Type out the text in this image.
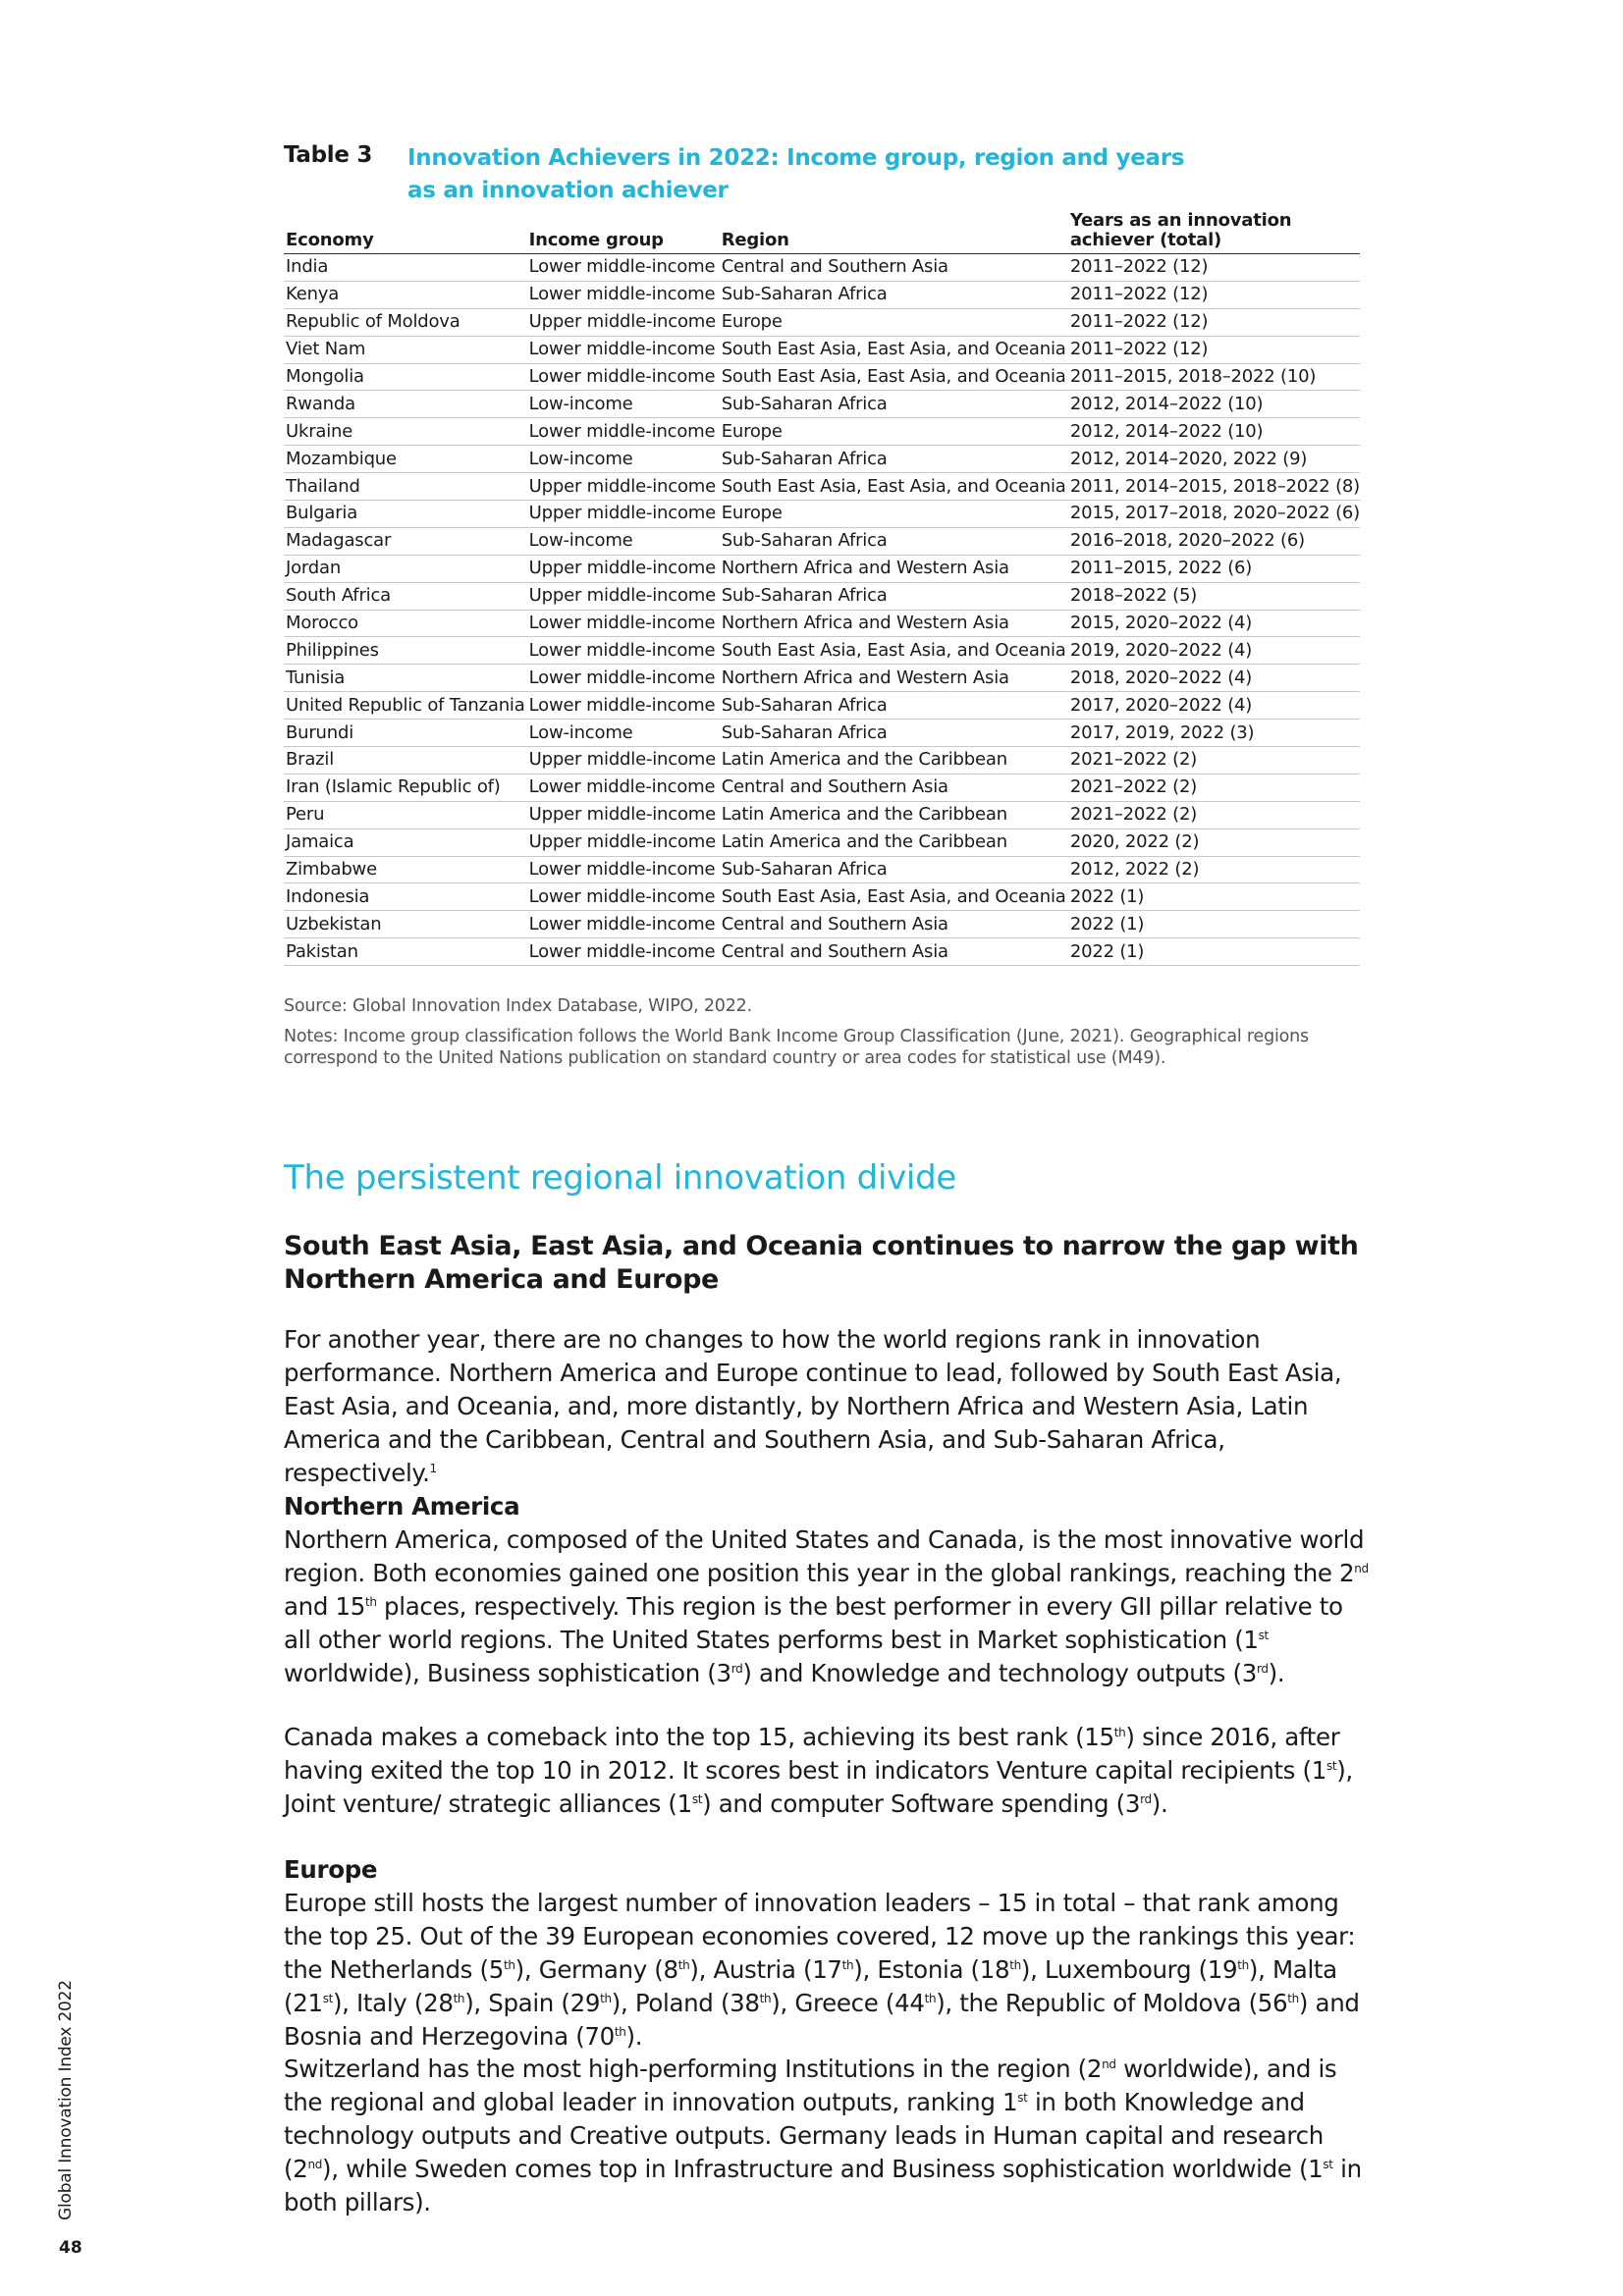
Table 3 Innovation Achievers in 2022: Income group, region and years as an innovation achiever
Economy	Income group	Region	Years as an innovation achiever (total)
India	Lower middle-income	Central and Southern Asia	2011–2022 (12)
Kenya	Lower middle-income	Sub-Saharan Africa	2011–2022 (12)
Republic of Moldova	Upper middle-income	Europe	2011–2022 (12)
Viet Nam	Lower middle-income	South East Asia, East Asia, and Oceania	2011–2022 (12)
Mongolia	Lower middle-income	South East Asia, East Asia, and Oceania	2011–2015, 2018–2022 (10)
Rwanda	Low-income	Sub-Saharan Africa	2012, 2014–2022 (10)
Ukraine	Lower middle-income	Europe	2012, 2014–2022 (10)
Mozambique	Low-income	Sub-Saharan Africa	2012, 2014–2020, 2022 (9)
Thailand	Upper middle-income	South East Asia, East Asia, and Oceania	2011, 2014–2015, 2018–2022 (8)
Bulgaria	Upper middle-income	Europe	2015, 2017–2018, 2020–2022 (6)
Madagascar	Low-income	Sub-Saharan Africa	2016–2018, 2020–2022 (6)
Jordan	Upper middle-income	Northern Africa and Western Asia	2011–2015, 2022 (6)
South Africa	Upper middle-income	Sub-Saharan Africa	2018–2022 (5)
Morocco	Lower middle-income	Northern Africa and Western Asia	2015, 2020–2022 (4)
Philippines	Lower middle-income	South East Asia, East Asia, and Oceania	2019, 2020–2022 (4)
Tunisia	Lower middle-income	Northern Africa and Western Asia	2018, 2020–2022 (4)
United Republic of Tanzania	Lower middle-income	Sub-Saharan Africa	2017, 2020–2022 (4)
Burundi	Low-income	Sub-Saharan Africa	2017, 2019, 2022 (3)
Brazil	Upper middle-income	Latin America and the Caribbean	2021–2022 (2)
Iran (Islamic Republic of)	Lower middle-income	Central and Southern Asia	2021–2022 (2)
Peru	Upper middle-income	Latin America and the Caribbean	2021–2022 (2)
Jamaica	Upper middle-income	Latin America and the Caribbean	2020, 2022 (2)
Zimbabwe	Lower middle-income	Sub-Saharan Africa	2012, 2022 (2)
Indonesia	Lower middle-income	South East Asia, East Asia, and Oceania	2022 (1)
Uzbekistan	Lower middle-income	Central and Southern Asia	2022 (1)
Pakistan	Lower middle-income	Central and Southern Asia	2022 (1)
Source: Global Innovation Index Database, WIPO, 2022.
Notes: Income group classification follows the World Bank Income Group Classification (June, 2021). Geographical regions correspond to the United Nations publication on standard country or area codes for statistical use (M49).
The persistent regional innovation divide
South East Asia, East Asia, and Oceania continues to narrow the gap with Northern America and Europe

For another year, there are no changes to how the world regions rank in innovation performance. Northern America and Europe continue to lead, followed by South East Asia, East Asia, and Oceania, and, more distantly, by Northern Africa and Western Asia, Latin America and the Caribbean, Central and Southern Asia, and Sub-Saharan Africa, respectively.$^1$

Northern America

Northern America, composed of the United States and Canada, is the most innovative world region. Both economies gained one position this year in the global rankings, reaching the 2nd and 15th places, respectively. This region is the best performer in every GII pillar relative to all other world regions. The United States performs best in Market sophistication (1st worldwide), Business sophistication (3rd) and Knowledge and technology outputs (3rd).

Canada makes a comeback into the top 15, achieving its best rank (15th) since 2016, after having exited the top 10 in 2012. It scores best in indicators Venture capital recipients (1st), Joint venture/ strategic alliances (1st) and computer Software spending (3rd).

Europe

Europe still hosts the largest number of innovation leaders – 15 in total – that rank among the top 25. Out of the 39 European economies covered, 12 move up the rankings this year: the Netherlands (5th), Germany (8th), Austria (17th), Estonia (18th), Luxembourg (19th), Malta (21st), Italy (28th), Spain (29th), Poland (38th), Greece (44th), the Republic of Moldova (56th) and Bosnia and Herzegovina (70th).

Switzerland has the most high-performing Institutions in the region (2nd worldwide), and is the regional and global leader in innovation outputs, ranking 1st in both Knowledge and technology outputs and Creative outputs. Germany leads in Human capital and research (2nd), while Sweden comes top in Infrastructure and Business sophistication worldwide (1st in both pillars).

Global Innovation Index 2022
48
